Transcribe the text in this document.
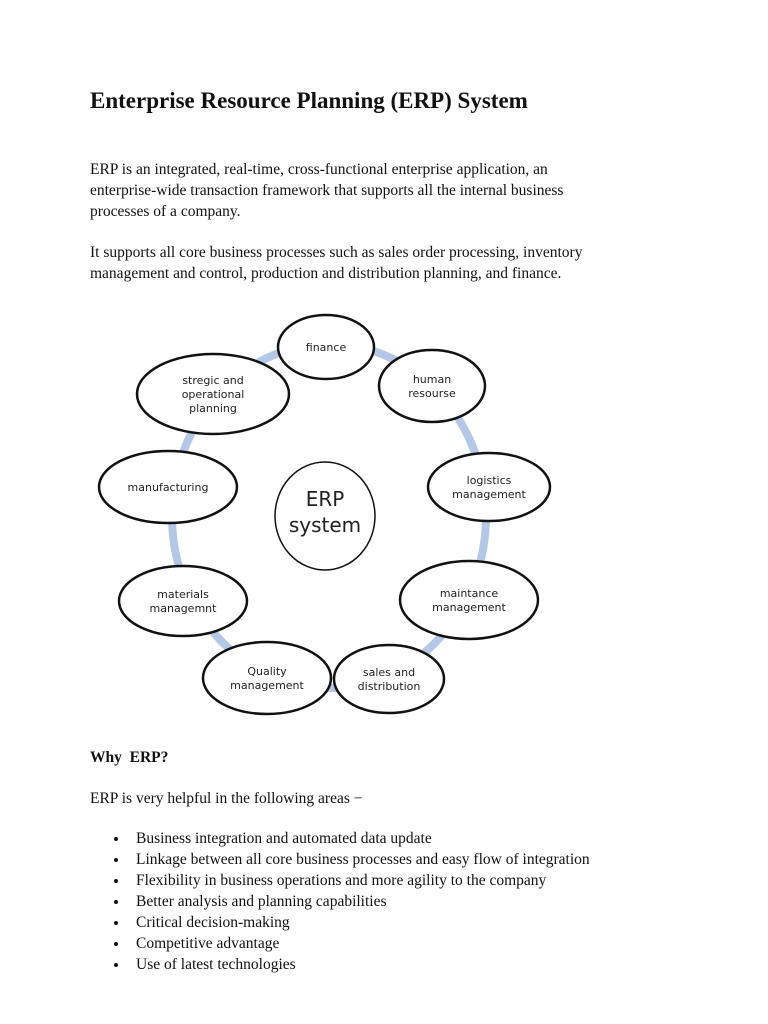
Enterprise Resource Planning (ERP) System

ERP is an integrated, real-time, cross-functional enterprise application, an
enterprise-wide transaction framework that supports all the internal business
processes of a company.

It supports all core business processes such as sales order processing, inventory
management and control, production and distribution planning, and finance.

ERP
system
finance
human
resourse
logistics
management
maintance
management
sales and
distribution
Quality
management
materials
managemnt
manufacturing
stregic and
operational
planning
Why  ERP?

ERP is very helpful in the following areas −

Business integration and automated data update
Linkage between all core business processes and easy flow of integration
Flexibility in business operations and more agility to the company
Better analysis and planning capabilities
Critical decision-making
Competitive advantage
Use of latest technologies
